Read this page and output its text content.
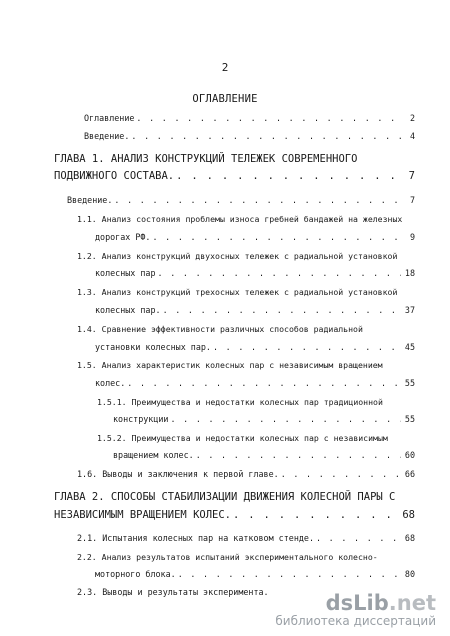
2
ОГЛАВЛЕНИЕ
Оглавление . . .	2
Введение. . . .	4
ГЛАВА 1. АНАЛИЗ КОНСТРУКЦИЙ ТЕЛЕЖЕК СОВРЕМЕННОГО
ПОДВИЖНОГО СОСТАВА. . . .	7
Введение. . . .	7
1.1. Анализ состояния проблемы износа гребней бандажей на железных
дорогах РФ. . . .	9
1.2. Анализ конструкций двухосных тележек с радиальной установкой
колесных пар . . .	18
1.3. Анализ конструкций трехосных тележек с радиальной установкой
колесных пар. . . .	37
1.4. Сравнение эффективности различных способов радиальной
установки колесных пар. . . .	45
1.5. Анализ характеристик колесных пар с независимым вращением
колес. . . .	55
1.5.1. Преимущества и недостатки колесных пар традиционной
конструкции . . .	55
1.5.2. Преимущества и недостатки колесных пар с независимым
вращением колес. . . .	60
1.6. Выводы и заключения к первой главе. . . .	66
ГЛАВА 2. СПОСОБЫ СТАБИЛИЗАЦИИ ДВИЖЕНИЯ КОЛЕСНОЙ ПАРЫ С
НЕЗАВИСИМЫМ ВРАЩЕНИЕМ КОЛЕС. . . .	68
2.1. Испытания колесных пар на катковом стенде. . . .	68
2.2. Анализ результатов испытаний экспериментального колесно-
моторного блока. . . .	80
2.3. Выводы и результаты эксперимента.	dsLib.net
библиотека диссертаций
